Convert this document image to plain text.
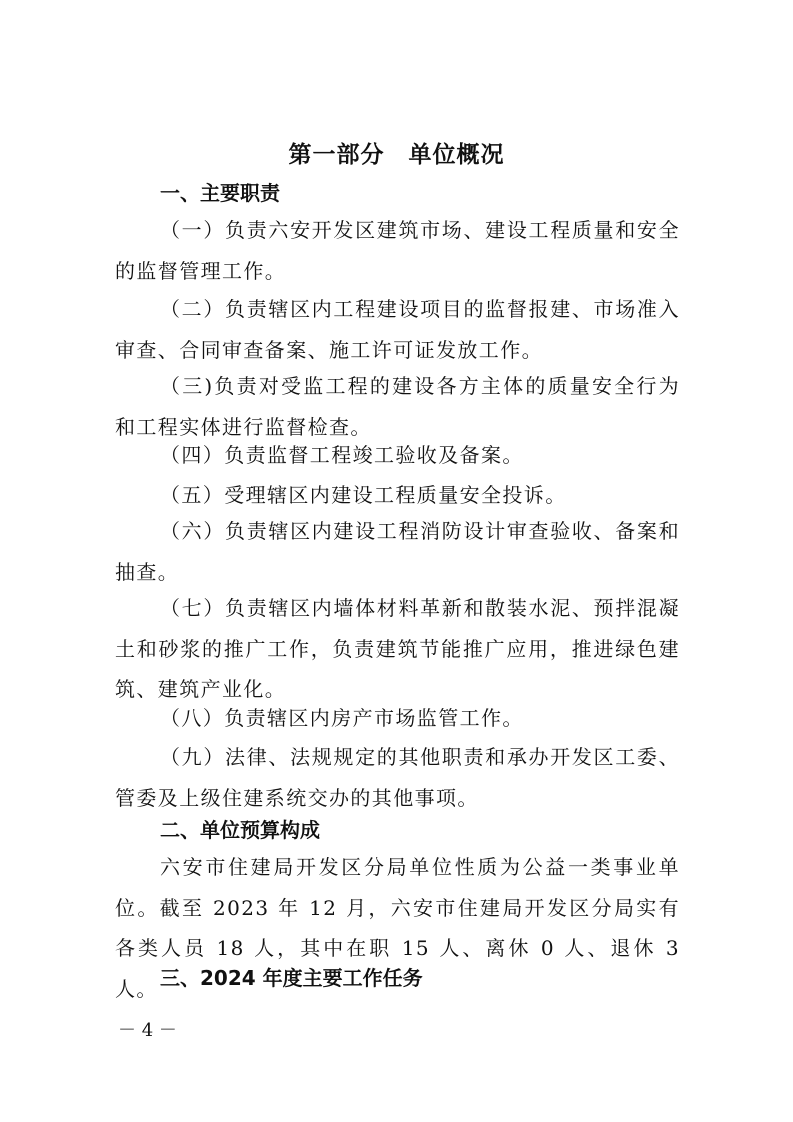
第一部分　单位概况
一、主要职责
（一）负责六安开发区建筑市场、建设工程质量和安全的监督管理工作。
（二）负责辖区内工程建设项目的监督报建、市场准入审查、合同审查备案、施工许可证发放工作。
（三)负责对受监工程的建设各方主体的质量安全行为和工程实体进行监督检查。
（四）负责监督工程竣工验收及备案。
（五）受理辖区内建设工程质量安全投诉。
（六）负责辖区内建设工程消防设计审查验收、备案和抽查。
（七）负责辖区内墙体材料革新和散装水泥、预拌混凝土和砂浆的推广工作，负责建筑节能推广应用，推进绿色建筑、建筑产业化。
（八）负责辖区内房产市场监管工作。
（九）法律、法规规定的其他职责和承办开发区工委、管委及上级住建系统交办的其他事项。
二、单位预算构成
六安市住建局开发区分局单位性质为公益一类事业单位。截至 2023 年 12 月，六安市住建局开发区分局实有各类人员 18 人，其中在职 15 人、离休 0 人、退休 3 人。 三、2024 年度主要工作任务
－ 4 －
